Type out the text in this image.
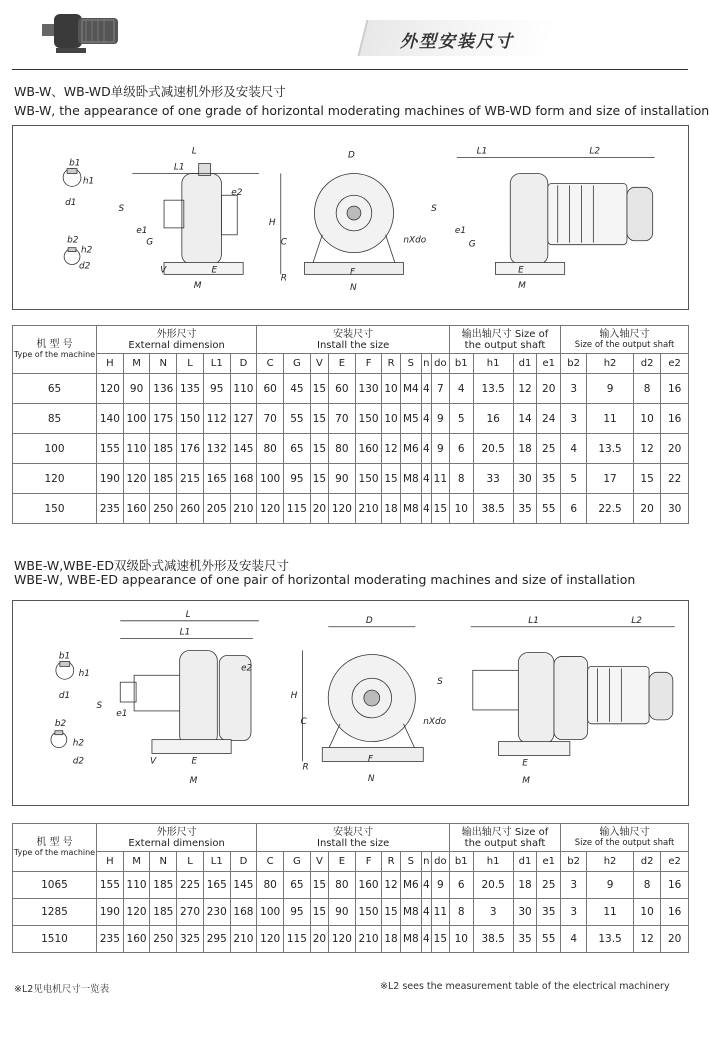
外型安装尺寸
WB-W、WB-WD单级卧式减速机外形及安装尺寸
WB-W, the appearance of one grade of horizontal moderating machines of WB-WD form and size of installation
b1
h1
d1
b2
h2
d2
L
L1
S
e1
e2
G
V	E
M
D
H
C
R
F
N
nXdo
L1	L2
S
e1
G
E
M
机 型 号
Type of the machine	外形尺寸
External dimension						安装尺寸
Install the size									输出轴尺寸 Size of
the output shaft				输入轴尺寸
Size of the output shaft			

	H	M	N	L	L1	D	C	G	V	E	F	R	S	n	do	b1	h1	d1	e1	b2	h2	d2	e2
65	120	90	136	135	95	110	60	45	15	60	130	10	M4	4	7	4	13.5	12	20	3	9	8	16
85	140	100	175	150	112	127	70	55	15	70	150	10	M5	4	9	5	16	14	24	3	11	10	16
100	155	110	185	176	132	145	80	65	15	80	160	12	M6	4	9	6	20.5	18	25	4	13.5	12	20
120	190	120	185	215	165	168	100	95	15	90	150	15	M8	4	11	8	33	30	35	5	17	15	22
150	235	160	250	260	205	210	120	115	20	120	210	18	M8	4	15	10	38.5	35	55	6	22.5	20	30
WBE-W,WBE-ED双级卧式减速机外形及安装尺寸
WBE-W, WBE-ED appearance of one pair of horizontal moderating machines and size of installation
b1
h1
d1
b2
h2
d2
L
L1
S
e1
e2
V	E
M
D
H
C
R
F
N
nXdo
S
L1	L2
E
M
机 型 号
Type of the machine	外形尺寸
External dimension						安装尺寸
Install the size									输出轴尺寸 Size of
the output shaft				输入轴尺寸
Size of the output shaft			

	H	M	N	L	L1	D	C	G	V	E	F	R	S	n	do	b1	h1	d1	e1	b2	h2	d2	e2
1065	155	110	185	225	165	145	80	65	15	80	160	12	M6	4	9	6	20.5	18	25	3	9	8	16
1285	190	120	185	270	230	168	100	95	15	90	150	15	M8	4	11	8	3	30	35	3	11	10	16
1510	235	160	250	325	295	210	120	115	20	120	210	18	M8	4	15	10	38.5	35	55	4	13.5	12	20
※L2见电机尺寸一览表	※L2 sees the measurement table of the electrical machinery
